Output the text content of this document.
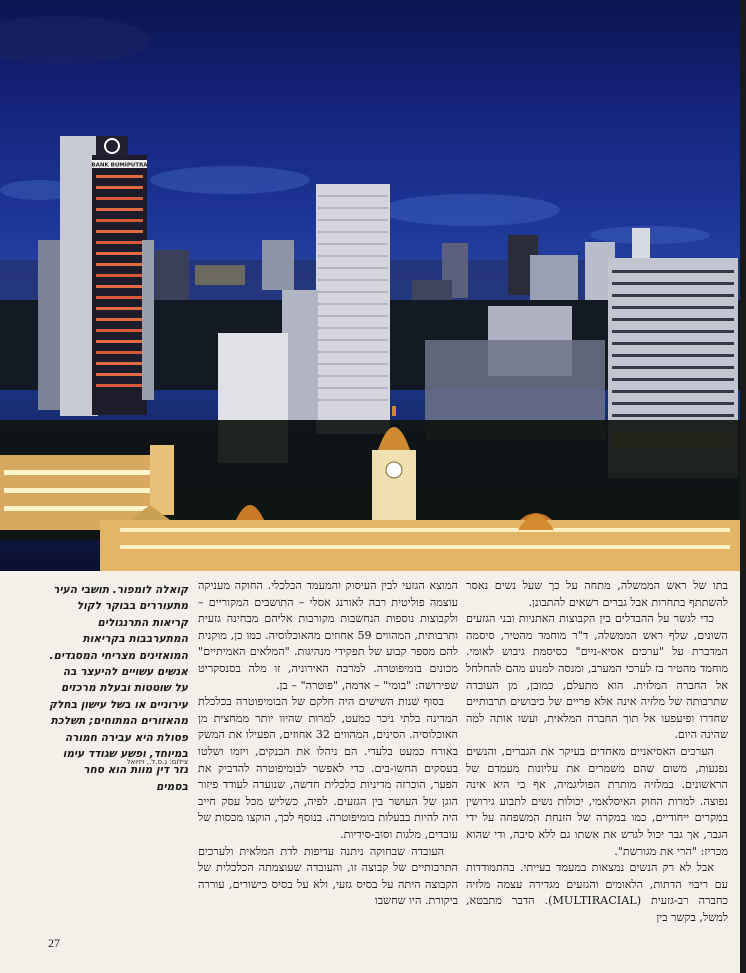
BANK BUMIPUTRA

בתו של ראש הממשלה, מתחה על כך שעל נשים נאסר להשתתף בתחרות אבל גברים רשאים להתבונן.

כדי לגשר על ההבדלים בין הקבוצות האתניות ובני הגזעים השונים, שלף ראש הממשלה, ד"ר מוחמד מהטיר, סיסמה המדברת על "ערכים אסיא-ניים" כסיסמת גיבוש לאומי. מוחמד מהטיר בז לערכי המערב, ומנסה למנוע מהם להחלחל אל החברה המלזית. הוא מתעלם, כמובן, מן העובדה שתרבותה של מלזיה אינה אלא פריים של כיבושים תרבותיים שחדרו ופיעפעו אל תוך החברה המלאית, ועשו אותה למה שהינה היום.

הערכים האסיאניים מאחדים בעיקר את הגברים, והנשים נפגעות, משום שהם משמרים את עליונות מעמדם של הראשונים. במלזיה מותרת הפוליגמיה, אף כי היא אינה נפוצה. למרות החוק האיסלאמי, יכולות נשים לתבוע גירושין במקרים ייחודיים, כמו במקרה של הזנחת המשפחה על ידי הגבר, אך גבר יכול לגרש את אשתו גם ללא סיבה, ודי שהוא מכריז: "הרי את מגורשת".

אבל לא רק הנשים נמצאות במעמד בעייתי. בהתמודדות עם ריבוי הדתות, הלאומים והגזעים מגדירה עצמה מלזיה כחברה רב-גזעית (MULTIRACIAL). הדבר מתבטא, למשל, בקשר בין

המוצא הגזעי לבין העיסוק והמעמד הכלכלי. החוקה מעניקה עוצמה פוליטית רבה לאורנג אסלי – התושבים המקוריים – ולקבוצות נוספות הנחשבות מקורבות אליהם מבחינה גזעית ותרבותית, המהווים 59 אחוזים מהאוכלוסיה. כמו כן, מוקנית להם מספר קבוע של תפקידי מנהיגות. "המלאים האמיתיים" מכונים בומיפוטרה. למרבה האירוניה, זו מלה בסנסקריט שפירושה: "בומי" – אדמה, "פוטרה" – בן.

בסוף שנות השישים היה חלקם של הבומיפוטרה בכלכלת המדינה בלתי ניכר כמעט, למרות שהיוו יותר ממחצית מן האוכלוסיה. הסינים, המהווים 32 אחוזים, הפעילו את המשק באורח כמעט בלעדי. הם ניהלו את הבנקים, ויזמו ושלטו בעסקים החשו-בים. כדי לאפשר לבומיפוטרה להדביק את הפער, הוכרזה מדיניות כלכלית חדשה, שנועדה לעודד פיזור הוגן של העושר בין הגזעים. לפיה, כשליש מכל עסק חייב היה להיות בבעלות בומיפוטרה. בנוסף לכך, הוקצו מכסות של עובדים, מלגות וסוב-סידיות.

העובדה שבחוקה ניתנה עדיפות לדת המלאית ולערכים התרבותיים של קבוצה זו, והעובדה שעוצמתה הכלכלית של הקבוצה היתה על בסיס גזעי, ולא על בסיס כישורים, עוררה ביקורת. היו שחשבו

קואלה לומפור. תושבי העיר מתעוררים בבוקר לקול קריאות התרנגולים המתערבבות בקריאות המואזינים מצריחי המסגדים. אנשים עשויים להיעצר בה על שוטטות ובעלת מרכזים עירוניים או בשל עישון בחלק מהאזורים המתוחים; תשלכת פסולת היא עבירה חמורה במיוחד, ופשע שגודד עימו גזר דין מוות הוא סחר בסמים
צילום: ג.ס.ל., ויזיואל
27
